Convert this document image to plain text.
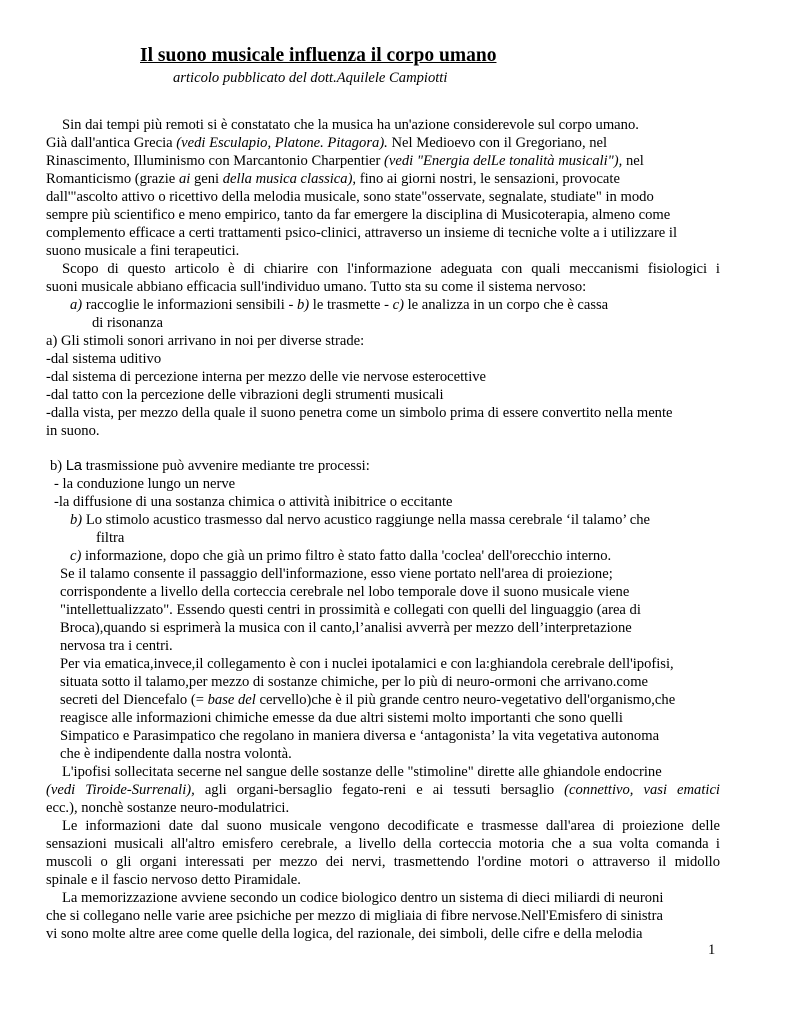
Il suono musicale influenza il corpo umano
articolo pubblicato del dott.Aquilele Campiotti
Sin dai tempi più remoti si è constatato che la musica ha un'azione considerevole sul corpo umano.
Già dall'antica Grecia (vedi Esculapio, Platone. Pitagora). Nel Medioevo con il Gregoriano, nel
Rinascimento, Illuminismo con Marcantonio Charpentier (vedi "Energia delLe tonalità musicali"), nel
Romanticismo (grazie ai geni della musica classica), fino ai giorni nostri, le sensazioni, provocate
dall'"ascolto attivo o ricettivo della melodia musicale, sono state"osservate, segnalate, studiate" in modo
sempre più scientifico e meno empirico, tanto da far emergere la disciplina di Musicoterapia, almeno come
complemento efficace a certi trattamenti psico-clinici, attraverso un insieme di tecniche volte a i utilizzare il
suono musicale a fini terapeutici.
Scopo di questo articolo è di chiarire con l'informazione adeguata con quali meccanismi fisiologici i
suoni musicale abbiano efficacia sull'individuo umano. Tutto sta su come il sistema nervoso:
a) raccoglie le informazioni sensibili - b) le trasmette - c) le analizza in un corpo che è cassa
di risonanza
a) Gli stimoli sonori arrivano in noi per diverse strade:
-dal sistema uditivo
-dal sistema di percezione interna per mezzo delle vie nervose esterocettive
-dal tatto con la percezione delle vibrazioni degli strumenti musicali
-dalla vista, per mezzo della quale il suono penetra come un simbolo prima di essere convertito nella mente
in suono.
b) La trasmissione può avvenire mediante tre processi:
- la conduzione lungo un nerve
-la diffusione di una sostanza chimica o attività inibitrice o eccitante
b) Lo stimolo acustico trasmesso dal nervo acustico raggiunge nella massa cerebrale ‘il talamo’ che
filtra
c) informazione, dopo che già un primo filtro è stato fatto dalla 'coclea' dell'orecchio interno.
Se il talamo consente il passaggio dell'informazione, esso viene portato nell'area di proiezione;
corrispondente a livello della corteccia cerebrale nel lobo temporale dove il suono musicale viene
"intellettualizzato". Essendo questi centri in prossimità e collegati con quelli del linguaggio (area di
Broca),quando si esprimerà la musica con il canto,l’analisi avverrà per mezzo dell’interpretazione
nervosa tra i centri.
Per via ematica,invece,il collegamento è con i nuclei ipotalamici e con la:ghiandola cerebrale dell'ipofisi,
situata sotto il talamo,per mezzo di sostanze chimiche, per lo più di neuro-ormoni che arrivano.come
secreti del Diencefalo (= base del cervello)che è il più grande centro neuro-vegetativo dell'organismo,che
reagisce alle informazioni chimiche emesse da due altri sistemi molto importanti che sono quelli
Simpatico e Parasimpatico che regolano in maniera diversa e ‘antagonista’ la vita vegetativa autonoma
che è indipendente dalla nostra volontà.
L'ipofisi sollecitata secerne nel sangue delle sostanze delle "stimoline" dirette alle ghiandole endocrine
(vedi Tiroide-Surrenali), agli organi-bersaglio fegato-reni e ai tessuti bersaglio (connettivo, vasi ematici
ecc.), nonchè sostanze neuro-modulatrici.
Le informazioni date dal suono musicale vengono decodificate e trasmesse dall'area di proiezione delle
sensazioni musicali all'altro emisfero cerebrale, a livello della corteccia motoria che a sua volta comanda i
muscoli o gli organi interessati per mezzo dei nervi, trasmettendo l'ordine motori o attraverso il midollo
spinale e il fascio nervoso detto Piramidale.
La memorizzazione avviene secondo un codice biologico dentro un sistema di dieci miliardi di neuroni
che si collegano nelle varie aree psichiche per mezzo di migliaia di fibre nervose.Nell'Emisfero di sinistra
vi sono molte altre aree come quelle della logica, del razionale, dei simboli, delle cifre e della melodia
1
